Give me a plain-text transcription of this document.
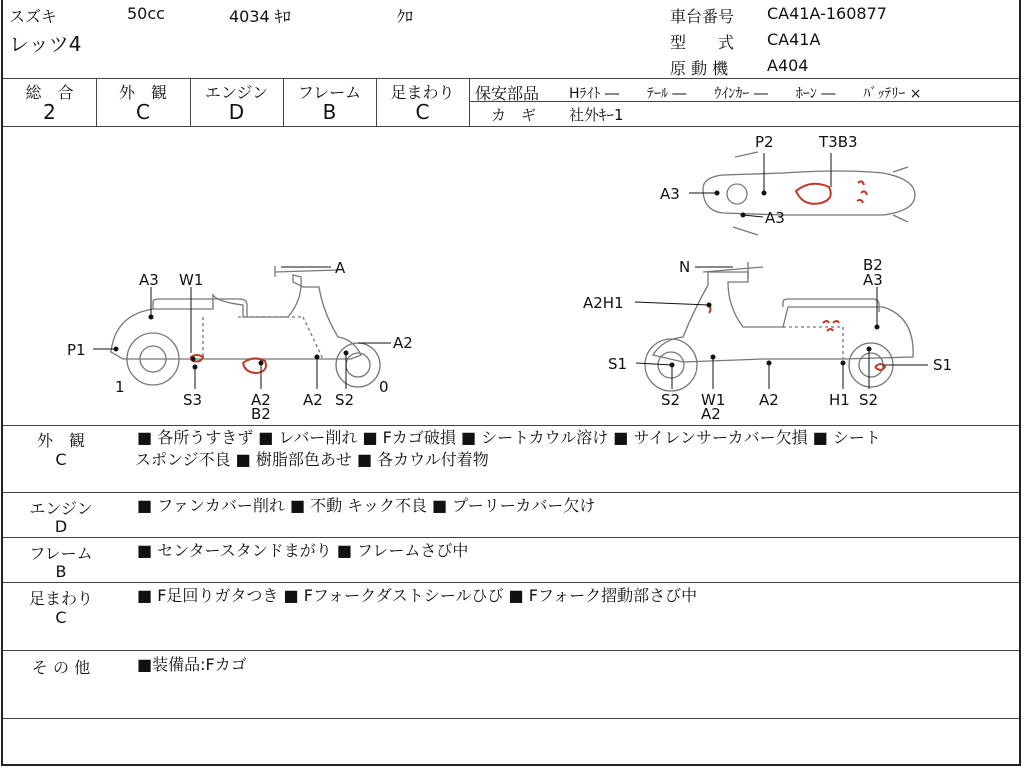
スズキ	50cc	4034 ｷﾛ	ｸﾛ
レッツ4
車台番号 CA41A-160877
型　　式 CA41A
原 動 機 A404
総　合	外　観	エンジン	フレーム	足まわり
2	C	D	B	C
保安部品 Hﾗｲﾄ ―　　ﾃｰﾙ ―　　ｳｲﾝｶｰ ―　　ﾎｰﾝ ―　　ﾊﾞｯﾃﾘｰ ×
カ　ギ 社外ｷｰ1
A3 W1
A
P1
1
S3	A2
B2
A2 S2
0
A2
N
A2H1
S1
S2 W1
A2
A2	H1 S2
S1
B2
A3
P2	T3B3
A3
A3
外　観
C
■ 各所うすきず ■ レバー削れ ■ Fカゴ破損 ■ シートカウル溶け ■ サイレンサーカバー欠損 ■ シート
スポンジ不良 ■ 樹脂部色あせ ■ 各カウル付着物
エンジン
D
■ ファンカバー削れ ■ 不動 キック不良 ■ プーリーカバー欠け
フレーム
B
■ センタースタンドまがり ■ フレームさび中
足まわり
C
■ F足回りガタつき ■ Fフォークダストシールひび ■ Fフォーク摺動部さび中
そ の 他	■装備品:Fカゴ
